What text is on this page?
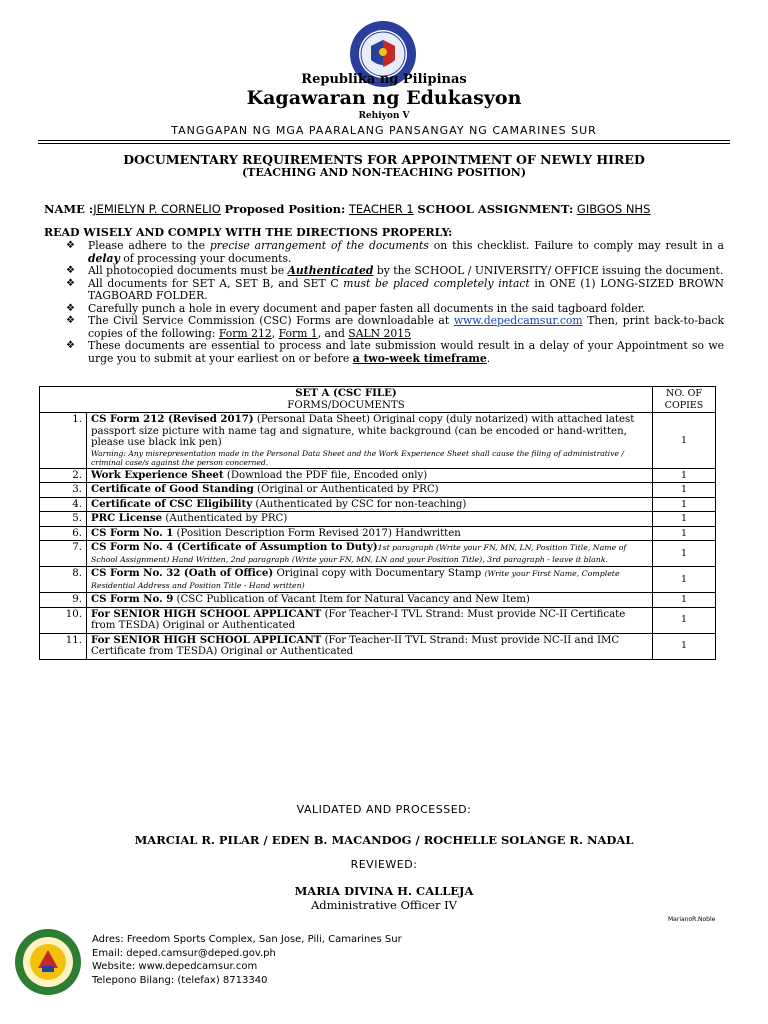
Republika ng Pilipinas
Kagawaran ng Edukasyon
Rehiyon V
TANGGAPAN NG MGA PAARALANG PANSANGAY NG CAMARINES SUR
DOCUMENTARY REQUIREMENTS FOR APPOINTMENT OF NEWLY HIRED
(TEACHING AND NON-TEACHING POSITION)
NAME :JEMIELYN P. CORNELIO Proposed Position: TEACHER 1 SCHOOL ASSIGNMENT: GIBGOS NHS
READ WISELY AND COMPLY WITH THE DIRECTIONS PROPERLY:
❖ Please adhere to the precise arrangement of the documents on this checklist. Failure to comply may result in a delay of processing your documents.
❖ All photocopied documents must be Authenticated by the SCHOOL / UNIVERSITY/ OFFICE issuing the document.
❖ All documents for SET A, SET B, and SET C must be placed completely intact in ONE (1) LONG-SIZED BROWN TAGBOARD FOLDER.
❖ Carefully punch a hole in every document and paper fasten all documents in the said tagboard folder.
❖ The Civil Service Commission (CSC) Forms are downloadable at www.depedcamsur.com Then, print back-to-back copies of the following: Form 212, Form 1, and SALN 2015
❖ These documents are essential to process and late submission would result in a delay of your Appointment so we urge you to submit at your earliest on or before a two-week timeframe.
SET A (CSC FILE)
FORMS/DOCUMENTS		NO. OF COPIES
1.	CS Form 212 (Revised 2017) (Personal Data Sheet) Original copy (duly notarized) with attached latest passport size picture with name tag and signature, white background (can be encoded or hand-written, please use black ink pen)
Warning: Any misrepresentation made in the Personal Data Sheet and the Work Experience Sheet shall cause the filing of administrative / criminal case/s against the person concerned.	1
2.	Work Experience Sheet (Download the PDF file, Encoded only)	1
3.	Certificate of Good Standing (Original or Authenticated by PRC)	1
4.	Certificate of CSC Eligibility (Authenticated by CSC for non-teaching)	1
5.	PRC License (Authenticated by PRC)	1
6.	CS Form No. 1 (Position Description Form Revised 2017) Handwritten	1
7.	CS Form No. 4 (Certificate of Assumption to Duty)1st paragraph (Write your FN, MN, LN, Position Title, Name of School Assignment) Hand Written, 2nd paragraph (Write your FN, MN, LN and your Position Title), 3rd paragraph - leave it blank.	1
8.	CS Form No. 32 (Oath of Office) Original copy with Documentary Stamp (Write your First Name, Complete Residential Address and Position Title - Hand written)	1
9.	CS Form No. 9 (CSC Publication of Vacant Item for Natural Vacancy and New Item)	1
10.	For SENIOR HIGH SCHOOL APPLICANT (For Teacher-I TVL Strand: Must provide NC-II Certificate from TESDA) Original or Authenticated	1
11.	For SENIOR HIGH SCHOOL APPLICANT (For Teacher-II TVL Strand: Must provide NC-II and IMC Certificate from TESDA) Original or Authenticated	1
VALIDATED AND PROCESSED:
MARCIAL R. PILAR / EDEN B. MACANDOG / ROCHELLE SOLANGE R. NADAL
REVIEWED:
MARIA DIVINA H. CALLEJA
Administrative Officer IV
MarianoR.Noble
Adres: Freedom Sports Complex, San Jose, Pili, Camarines Sur
Email: deped.camsur@deped.gov.ph
Website: www.depedcamsur.com
Telepono Bilang: (telefax) 8713340
